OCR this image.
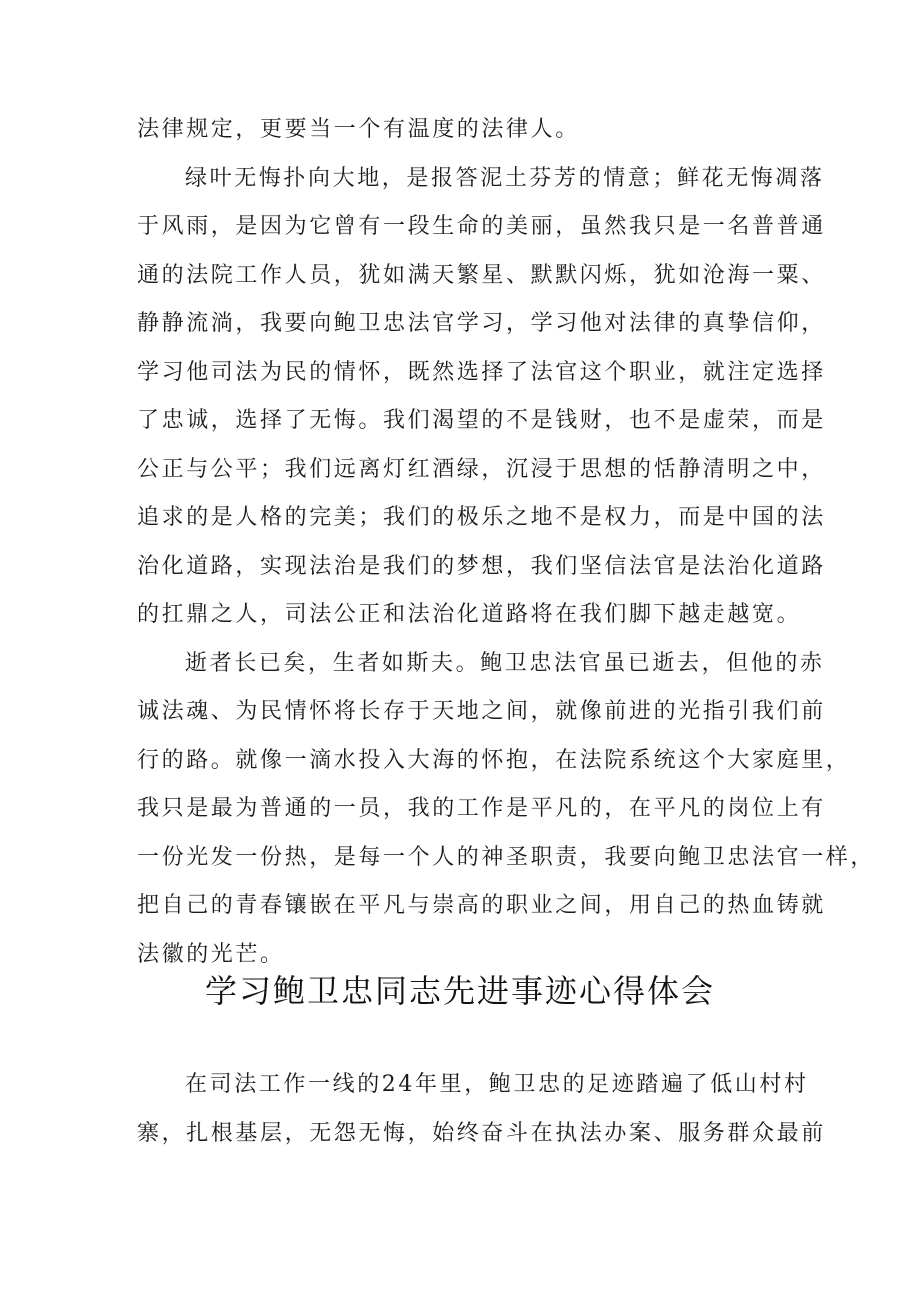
法律规定，更要当一个有温度的法律人。
绿叶无悔扑向大地，是报答泥土芬芳的情意；鲜花无悔凋落
于风雨，是因为它曾有一段生命的美丽，虽然我只是一名普普通
通的法院工作人员，犹如满天繁星、默默闪烁，犹如沧海一粟、
静静流淌，我要向鲍卫忠法官学习，学习他对法律的真挚信仰，
学习他司法为民的情怀，既然选择了法官这个职业，就注定选择
了忠诚，选择了无悔。我们渴望的不是钱财，也不是虚荣，而是
公正与公平；我们远离灯红酒绿，沉浸于思想的恬静清明之中，
追求的是人格的完美；我们的极乐之地不是权力，而是中国的法
治化道路，实现法治是我们的梦想，我们坚信法官是法治化道路
的扛鼎之人，司法公正和法治化道路将在我们脚下越走越宽。
逝者长已矣，生者如斯夫。鲍卫忠法官虽已逝去，但他的赤
诚法魂、为民情怀将长存于天地之间，就像前进的光指引我们前
行的路。就像一滴水投入大海的怀抱，在法院系统这个大家庭里，
我只是最为普通的一员，我的工作是平凡的，在平凡的岗位上有
一份光发一份热，是每一个人的神圣职责，我要向鲍卫忠法官一样，
把自己的青春镶嵌在平凡与崇高的职业之间，用自己的热血铸就
法徽的光芒。
学习鲍卫忠同志先进事迹心得体会
在司法工作一线的24年里，鲍卫忠的足迹踏遍了低山村村
寨，扎根基层，无怨无悔，始终奋斗在执法办案、服务群众最前
